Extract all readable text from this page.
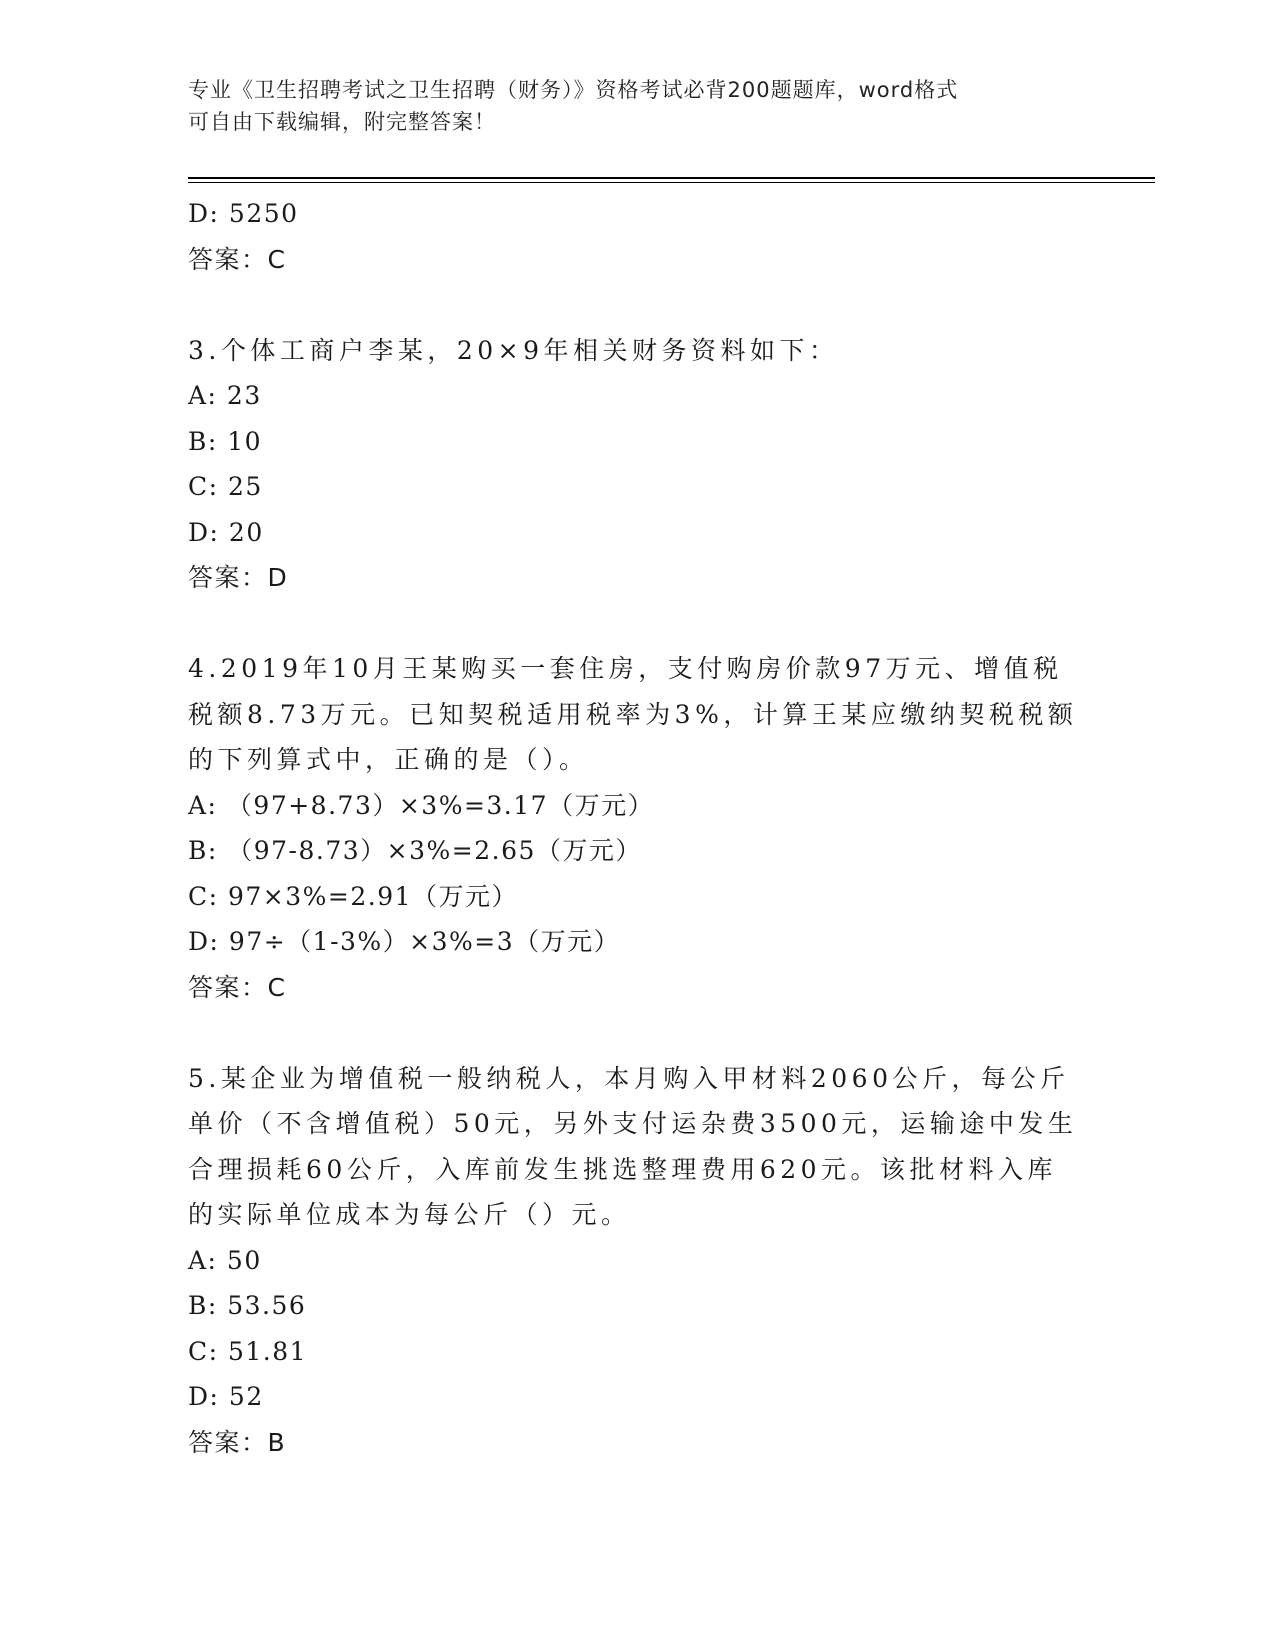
专业《卫生招聘考试之卫生招聘（财务）》资格考试必背200题题库，word格式
可自由下载编辑，附完整答案！
D: 5250
答案：C
3.个体工商户李某，20×9年相关财务资料如下：
A: 23
B: 10
C: 25
D: 20
答案：D
4.2019年10月王某购买一套住房，支付购房价款97万元、增值税税额8.73万元。已知契税适用税率为3%，计算王某应缴纳契税税额的下列算式中，正确的是（）。
A: （97+8.73）×3%=3.17（万元）
B: （97-8.73）×3%=2.65（万元）
C: 97×3%=2.91（万元）
D: 97÷（1-3%）×3%=3（万元）
答案：C
5.某企业为增值税一般纳税人，本月购入甲材料2060公斤，每公斤单价（不含增值税）50元，另外支付运杂费3500元，运输途中发生合理损耗60公斤，入库前发生挑选整理费用620元。该批材料入库的实际单位成本为每公斤（）元。
A: 50
B: 53.56
C: 51.81
D: 52
答案：B
